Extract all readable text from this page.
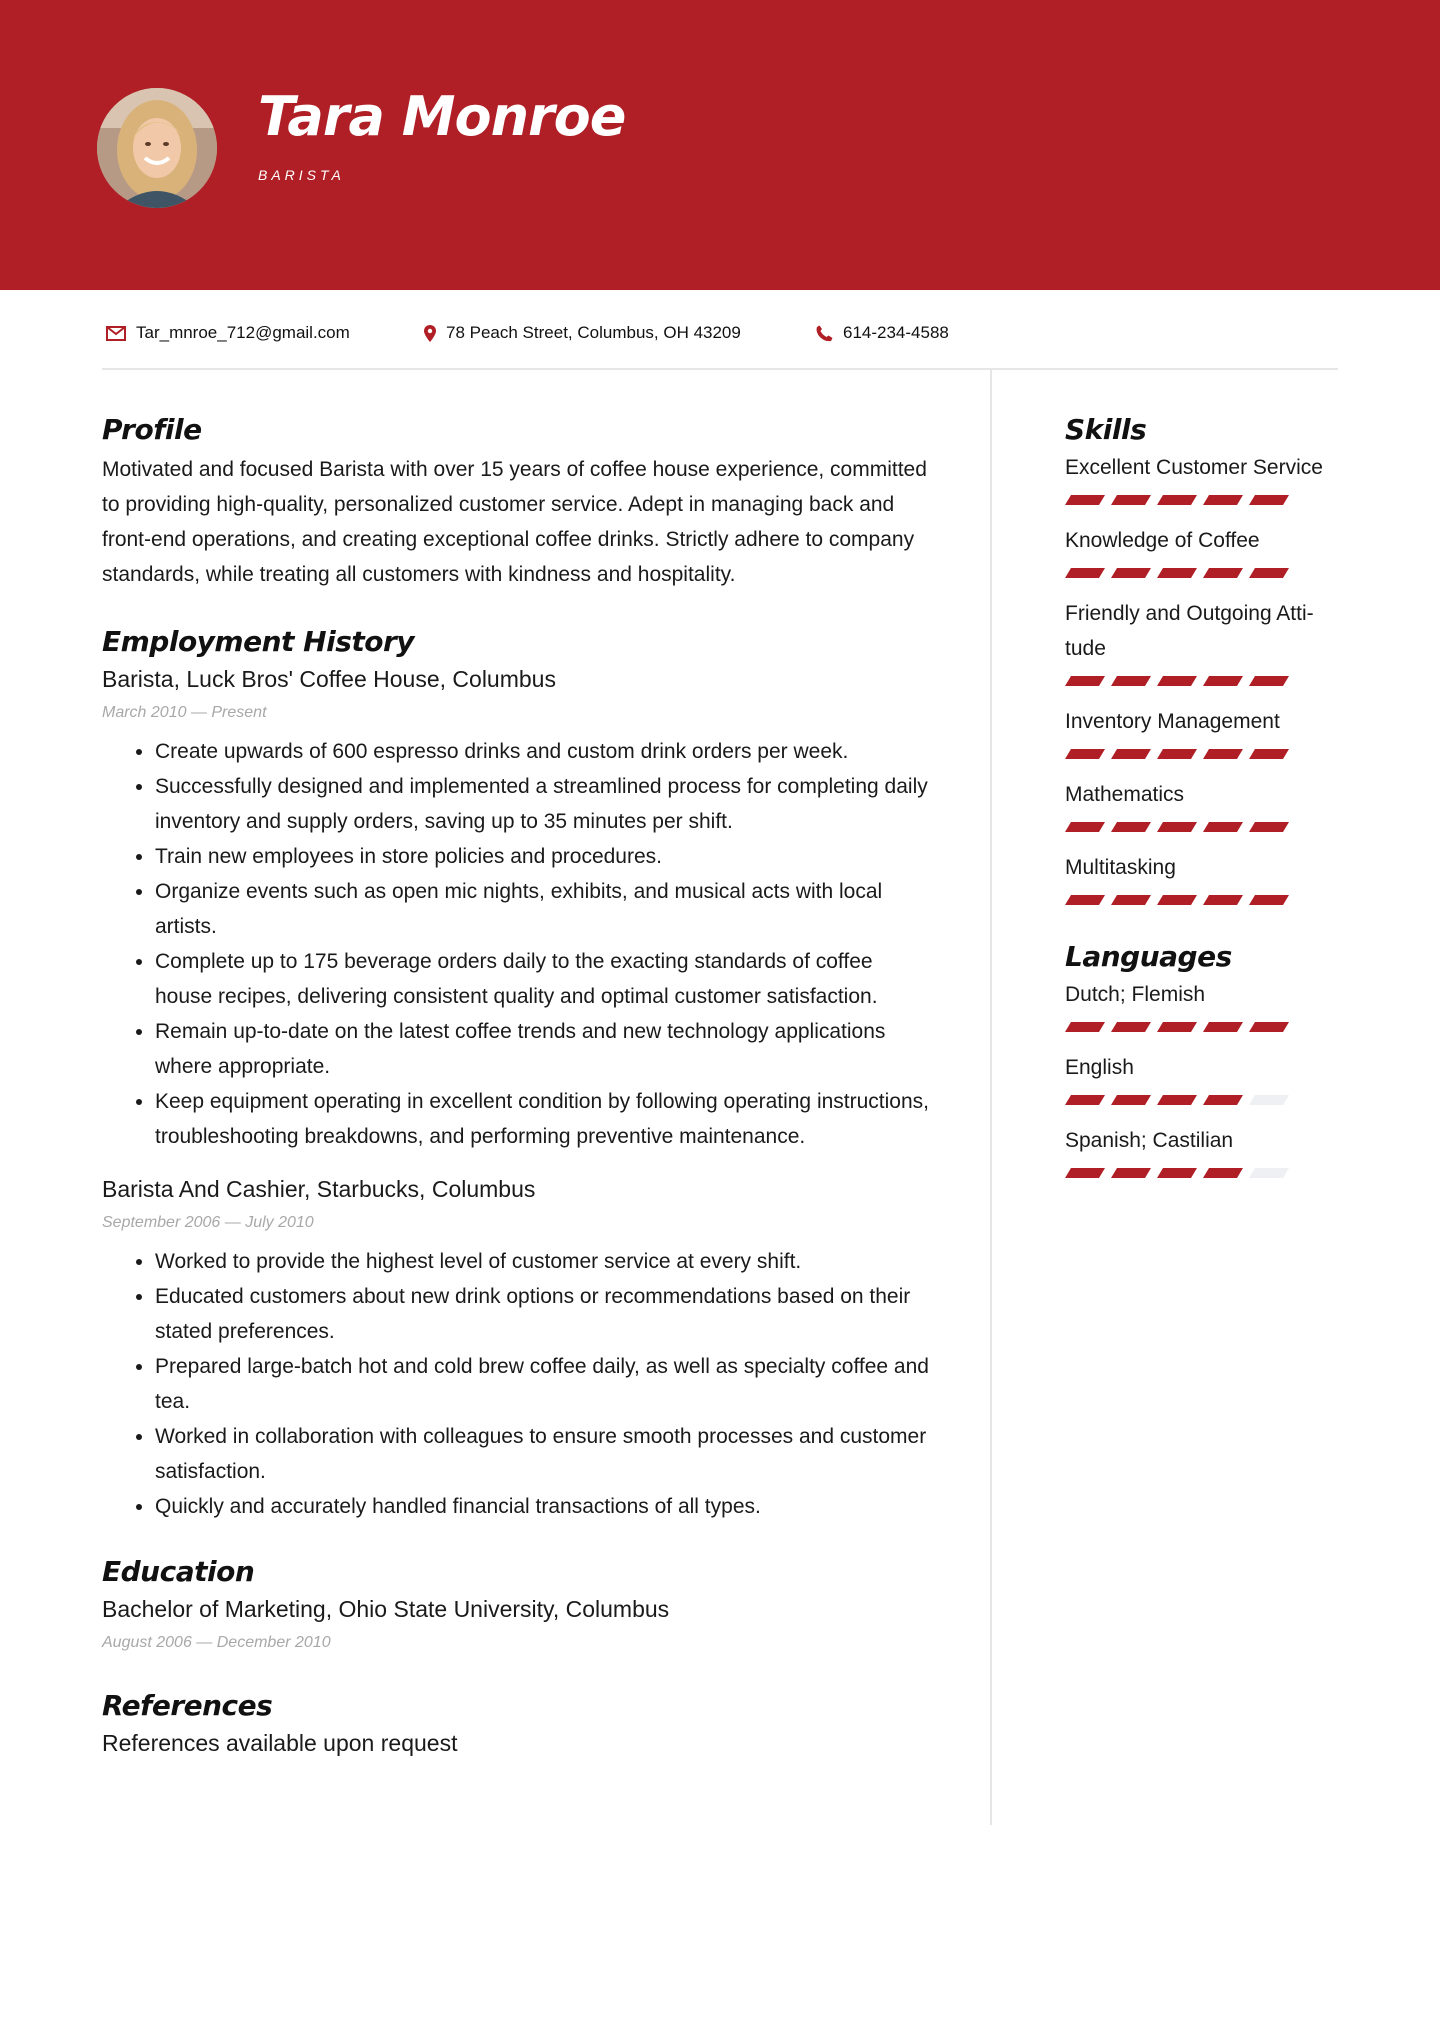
Tara Monroe
BARISTA
Tar_mnroe_712@gmail.com	78 Peach Street, Columbus, OH 43209	614-234-4588
Profile

Motivated and focused Barista with over 15 years of coffee house experience, committed to providing high-quality, personalized customer service. Adept in managing back and front-end operations, and creating exceptional coffee drinks. Strictly adhere to company standards, while treating all customers with kindness and hospitality.

Employment History

Barista, Luck Bros' Coffee House, Columbus

March 2010 — Present
• Create upwards of 600 espresso drinks and custom drink orders per week.
• Successfully designed and implemented a streamlined process for completing daily inventory and supply orders, saving up to 35 minutes per shift.
• Train new employees in store policies and procedures.
• Organize events such as open mic nights, exhibits, and musical acts with local artists.
• Complete up to 175 beverage orders daily to the exacting standards of coffee house recipes, delivering consistent quality and optimal customer satisfaction.
• Remain up-to-date on the latest coffee trends and new technology applications where appropriate.
• Keep equipment operating in excellent condition by following operating instructions, troubleshooting breakdowns, and performing preventive maintenance.

Barista And Cashier, Starbucks, Columbus

September 2006 — July 2010
• Worked to provide the highest level of customer service at every shift.
• Educated customers about new drink options or recommendations based on their stated preferences.
• Prepared large-batch hot and cold brew coffee daily, as well as specialty coffee and tea.
• Worked in collaboration with colleagues to ensure smooth processes and customer satisfaction.
• Quickly and accurately handled financial transactions of all types.
Education

Bachelor of Marketing, Ohio State University, Columbus

August 2006 — December 2010
References

References available upon request

Skills
Excellent Customer Service
Knowledge of Coffee
Friendly and Outgoing Atti- tude
Inventory Management
Mathematics
Multitasking
Languages
Dutch; Flemish
English
Spanish; Castilian
